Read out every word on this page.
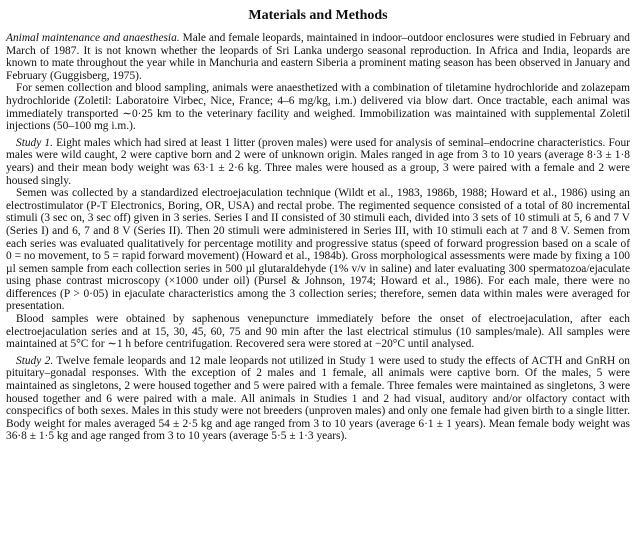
Materials and Methods

Animal maintenance and anaesthesia. Male and female leopards, maintained in indoor–outdoor enclosures were studied in February and March of 1987. It is not known whether the leopards of Sri Lanka undergo seasonal reproduction. In Africa and India, leopards are known to mate throughout the year while in Manchuria and eastern Siberia a prominent mating season has been observed in January and February (Guggisberg, 1975).

For semen collection and blood sampling, animals were anaesthetized with a combination of tiletamine hydrochloride and zolazepam hydrochloride (Zoletil: Laboratoire Virbec, Nice, France; 4–6 mg/kg, i.m.) delivered via blow dart. Once tractable, each animal was immediately transported ∼0·25 km to the veterinary facility and weighed. Immobilization was maintained with supplemental Zoletil injections (50–100 mg i.m.).

Study 1. Eight males which had sired at least 1 litter (proven males) were used for analysis of seminal–endocrine characteristics. Four males were wild caught, 2 were captive born and 2 were of unknown origin. Males ranged in age from 3 to 10 years (average 8·3 ± 1·8 years) and their mean body weight was 63·1 ± 2·6 kg. Three males were housed as a group, 3 were paired with a female and 2 were housed singly.

Semen was collected by a standardized electroejaculation technique (Wildt et al., 1983, 1986b, 1988; Howard et al., 1986) using an electrostimulator (P-T Electronics, Boring, OR, USA) and rectal probe. The regimented sequence consisted of a total of 80 incremental stimuli (3 sec on, 3 sec off) given in 3 series. Series I and II consisted of 30 stimuli each, divided into 3 sets of 10 stimuli at 5, 6 and 7 V (Series I) and 6, 7 and 8 V (Series II). Then 20 stimuli were administered in Series III, with 10 stimuli each at 7 and 8 V. Semen from each series was evaluated qualitatively for percentage motility and progressive status (speed of forward progression based on a scale of 0 = no movement, to 5 = rapid forward movement) (Howard et al., 1984b). Gross morphological assessments were made by fixing a 100 µl semen sample from each collection series in 500 µl glutaraldehyde (1% v/v in saline) and later evaluating 300 spermatozoa/ejaculate using phase contrast microscopy (×1000 under oil) (Pursel & Johnson, 1974; Howard et al., 1986). For each male, there were no differences (P > 0·05) in ejaculate characteristics among the 3 collection series; therefore, semen data within males were averaged for presentation.

Blood samples were obtained by saphenous venepuncture immediately before the onset of electroejaculation, after each electroejaculation series and at 15, 30, 45, 60, 75 and 90 min after the last electrical stimulus (10 samples/male). All samples were maintained at 5°C for ∼1 h before centrifugation. Recovered sera were stored at −20°C until analysed.

Study 2. Twelve female leopards and 12 male leopards not utilized in Study 1 were used to study the effects of ACTH and GnRH on pituitary–gonadal responses. With the exception of 2 males and 1 female, all animals were captive born. Of the males, 5 were maintained as singletons, 2 were housed together and 5 were paired with a female. Three females were maintained as singletons, 3 were housed together and 6 were paired with a male. All animals in Studies 1 and 2 had visual, auditory and/or olfactory contact with conspecifics of both sexes. Males in this study were not breeders (unproven males) and only one female had given birth to a single litter. Body weight for males averaged 54 ± 2·5 kg and age ranged from 3 to 10 years (average 6·1 ± 1 years). Mean female body weight was 36·8 ± 1·5 kg and age ranged from 3 to 10 years (average 5·5 ± 1·3 years).
